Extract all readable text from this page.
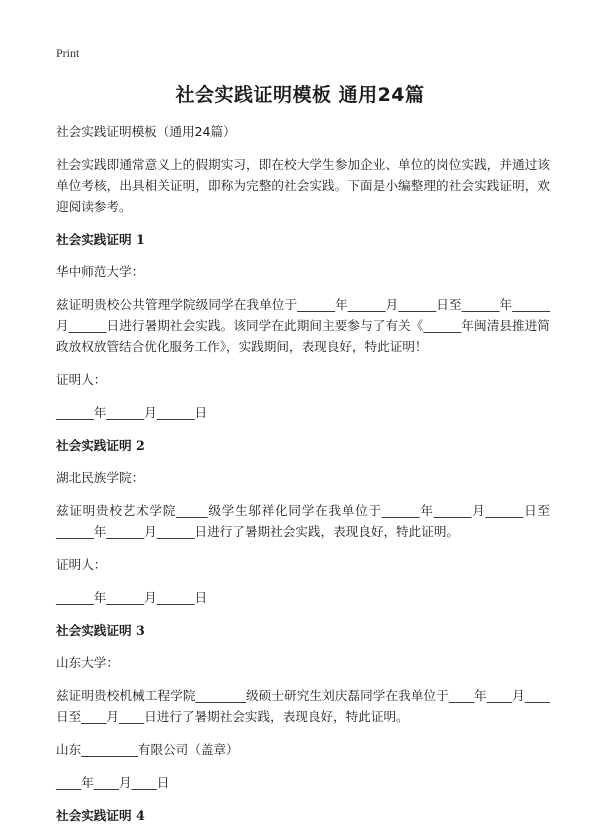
Print
社会实践证明模板 通用24篇

社会实践证明模板（通用24篇）

社会实践即通常意义上的假期实习，即在校大学生参加企业、单位的岗位实践，并通过该单位考核，出具相关证明，即称为完整的社会实践。下面是小编整理的社会实践证明，欢迎阅读参考。

社会实践证明 1

华中师范大学：

兹证明贵校公共管理学院级同学在我单位于______年______月______日至______年______月______日进行暑期社会实践。该同学在此期间主要参与了有关《______年闽清县推进简政放权放管结合优化服务工作》，实践期间，表现良好，特此证明！

证明人：

______年______月______日

社会实践证明 2

湖北民族学院：

兹证明贵校艺术学院_____级学生邬祥化同学在我单位于______年______月______日至______年______月______日进行了暑期社会实践，表现良好，特此证明。

证明人：

______年______月______日

社会实践证明 3

山东大学：

兹证明贵校机械工程学院________级硕士研究生刘庆磊同学在我单位于____年____月____日至____月____日进行了暑期社会实践，表现良好，特此证明。

山东_________有限公司（盖章）

____年____月____日

社会实践证明 4
